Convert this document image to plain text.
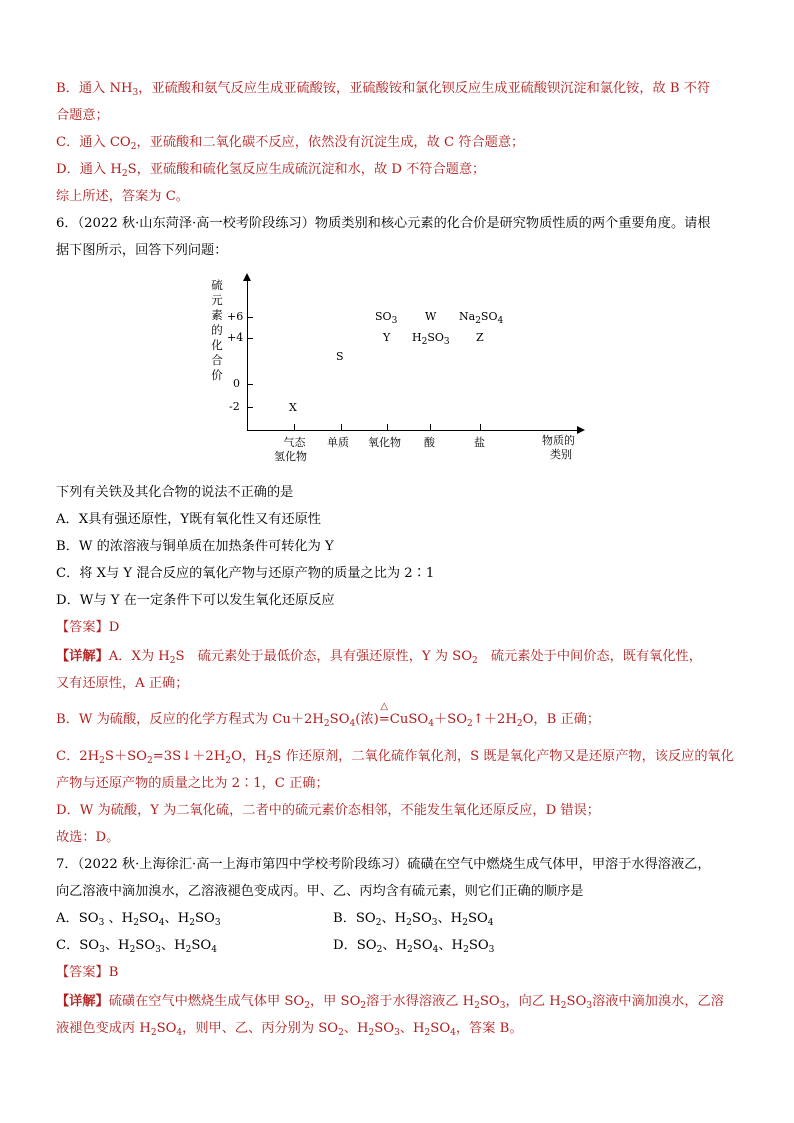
B．通入 $NH_3$，亚硫酸和氨气反应生成亚硫酸铵，亚硫酸铵和氯化钡反应生成亚硫酸钡沉淀和氯化铵，故 B 不符
合题意；
C．通入 $CO_2$，亚硫酸和二氧化碳不反应，依然没有沉淀生成，故 C 符合题意；
D．通入 $H_2S$，亚硫酸和硫化氢反应生成硫沉淀和水，故 D 不符合题意；
综上所述，答案为 C。
6．（2022 秋·山东菏泽·高一校考阶段练习）物质类别和核心元素的化合价是研究物质性质的两个重要角度。请根
据下图所示，回答下列问题：
硫
元
素
的
化
合
价
+6
+4
0
-2
气态
氢化物
单质 氧化物 酸	盐	物质的
类别
$SO_3$	W $Na_2SO_4$
Y $H_2SO_3$ Z
S
X
下列有关铁及其化合物的说法不正确的是
A．X具有强还原性，Y既有氧化性又有还原性
B．W 的浓溶液与铜单质在加热条件可转化为 Y
C．将 X与 Y 混合反应的氧化产物与还原产物的质量之比为 2∶1
D．W与 Y 在一定条件下可以发生氧化还原反应
【答案】D
【详解】A．X为 $H_2S$　硫元素处于最低价态，具有强还原性，Y 为 $SO_2$　硫元素处于中间价态，既有氧化性，
又有还原性，A 正确；
B．W 为硫酸，反应的化学方程式为 $Cu+2H_2SO_4$(浓)
△
$=CuSO_4+SO_2↑+2H_2O$，B 正确；
C．$2H_2S+SO_2=3S↓+2H_2O$，$H_2S$ 作还原剂，二氧化硫作氧化剂，S 既是氧化产物又是还原产物，该反应的氧化
产物与还原产物的质量之比为 2∶1，C 正确；
D．W 为硫酸，Y 为二氧化硫，二者中的硫元素价态相邻，不能发生氧化还原反应，D 错误；
故选：D。
7．（2022 秋·上海徐汇·高一上海市第四中学校考阶段练习）硫磺在空气中燃烧生成气体甲，甲溶于水得溶液乙，
向乙溶液中滴加溴水，乙溶液褪色变成丙。甲、乙、丙均含有硫元素，则它们正确的顺序是
A．$SO_3$ 、$H_2SO_4$、$H_2SO_3$	B．$SO_2$、$H_2SO_3$、$H_2SO_4$
C．$SO_3$、$H_2SO_3$、$H_2SO_4$	D．$SO_2$、$H_2SO_4$、$H_2SO_3$
【答案】B
【详解】硫磺在空气中燃烧生成气体甲 $SO_2$，甲 $SO_2$溶于水得溶液乙 $H_2SO_3$，向乙 $H_2SO_3$溶液中滴加溴水，乙溶
液褪色变成丙 $H_2SO_4$，则甲、乙、丙分别为 $SO_2$、$H_2SO_3$、$H_2SO_4$，答案 B。
